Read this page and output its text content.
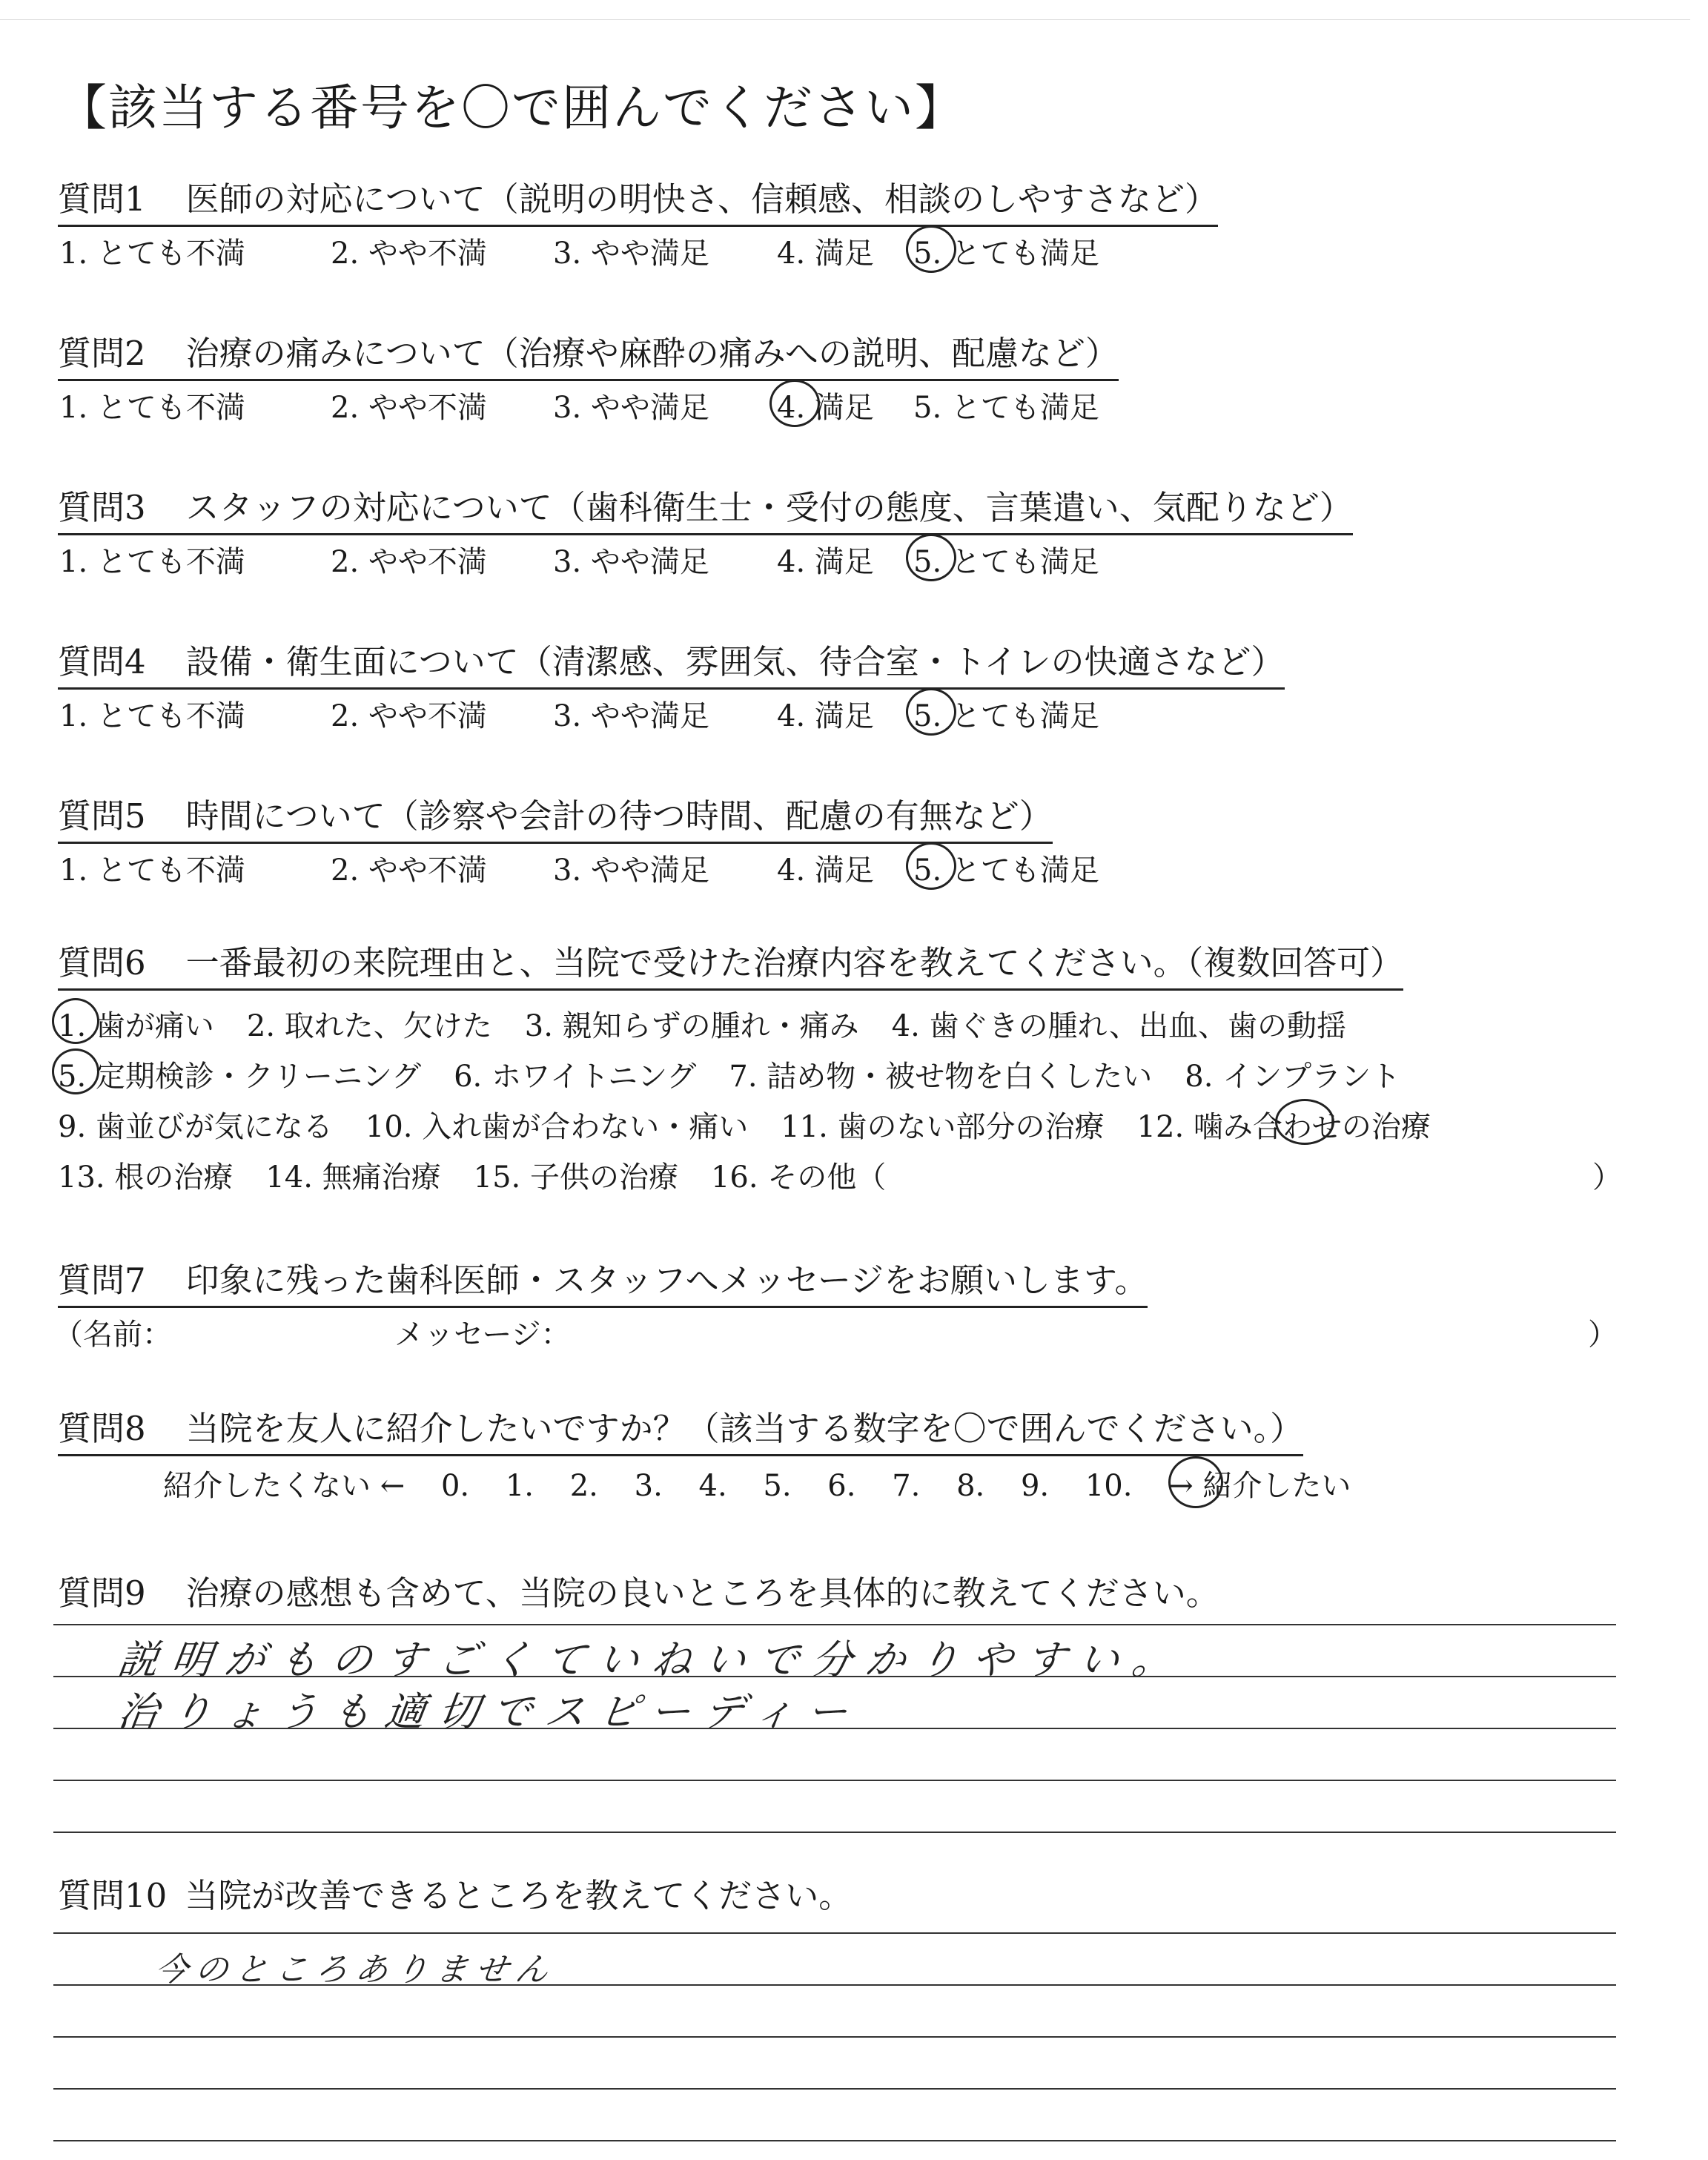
【該当する番号を〇で囲んでください】
質問1 医師の対応について（説明の明快さ、信頼感、相談のしやすさなど）
1. とても不満	2. やや不満 3. やや満足 4. 満足 5. とても満足
質問2 治療の痛みについて（治療や麻酔の痛みへの説明、配慮など）
1. とても不満	2. やや不満 3. やや満足 4. 満足 5. とても満足
質問3 スタッフの対応について（歯科衛生士・受付の態度、言葉遣い、気配りなど）
1. とても不満	2. やや不満 3. やや満足 4. 満足 5. とても満足
質問4 設備・衛生面について（清潔感、雰囲気、待合室・トイレの快適さなど）
1. とても不満	2. やや不満 3. やや満足 4. 満足 5. とても満足
質問5 時間について（診察や会計の待つ時間、配慮の有無など）
1. とても不満	2. やや不満 3. やや満足 4. 満足 5. とても満足
質問6 一番最初の来院理由と、当院で受けた治療内容を教えてください。（複数回答可）
1. 歯が痛い 2. 取れた、欠けた 3. 親知らずの腫れ・痛み 4. 歯ぐきの腫れ、出血、歯の動揺
5. 定期検診・クリーニング 6. ホワイトニング 7. 詰め物・被せ物を白くしたい 8. インプラント
9. 歯並びが気になる 10. 入れ歯が合わない・痛い 11. 歯のない部分の治療 12. 噛み合わせの治療
13. 根の治療 14. 無痛治療 15. 子供の治療 16. その他（	）
質問7 印象に残った歯科医師・スタッフへメッセージをお願いします。
（名前：	メッセージ：	）
質問8 当院を友人に紹介したいですか？（該当する数字を〇で囲んでください。）
紹介したくない ← 0. 1. 2. 3. 4. 5. 6. 7. 8. 9. 10. → 紹介したい
質問9 治療の感想も含めて、当院の良いところを具体的に教えてください。
説明がものすごくていねいで分かりやすい。
治りょうも適切でスピーディー
質問10 当院が改善できるところを教えてください。
今のところありません
